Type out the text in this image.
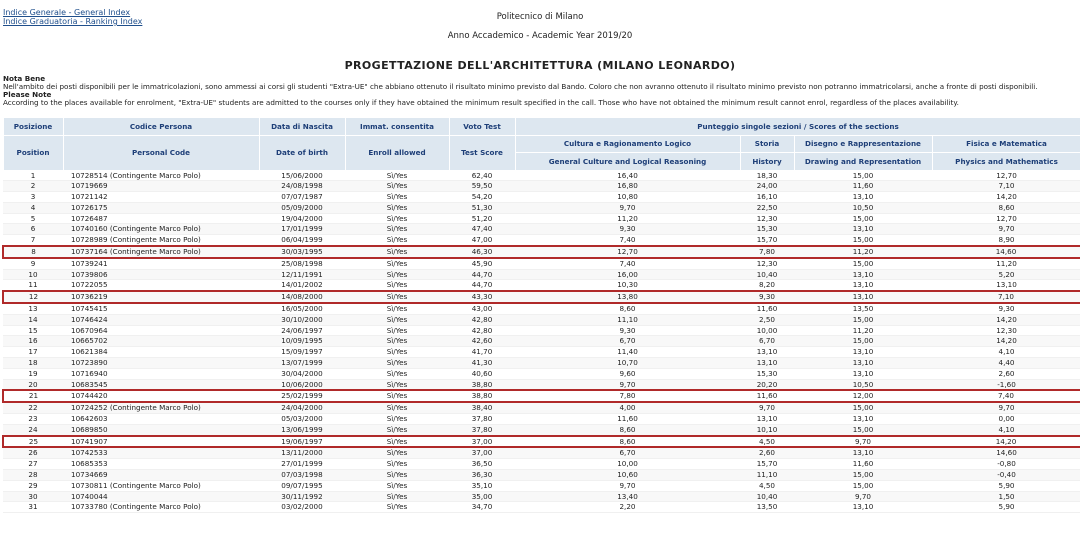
Indice Generale - General Index
Indice Graduatoria - Ranking Index	Politecnico di Milano
Anno Accademico - Academic Year 2019/20
PROGETTAZIONE DELL'ARCHITETTURA (MILANO LEONARDO)
Nota Bene
Nell'ambito dei posti disponibili per le immatricolazioni, sono ammessi ai corsi gli studenti "Extra-UE" che abbiano ottenuto il risultato minimo previsto dal Bando. Coloro che non avranno ottenuto il risultato minimo previsto non potranno immatricolarsi, anche a fronte di posti disponibili.
Please Note
According to the places available for enrolment, "Extra-UE" students are admitted to the courses only if they have obtained the minimum result specified in the call. Those who have not obtained the minimum result cannot enrol, regardless of the places availability.
Posizione	Codice Persona	Data di Nascita	Immat. consentita	Voto Test	Punteggio singole sezioni / Scores of the sections			
Position	Personal Code	Date of birth	Enroll allowed	Test Score	Cultura e Ragionamento Logico	Storia	Disegno e Rappresentazione	Fisica e Matematica
					General Culture and Logical Reasoning	History	Drawing and Representation	Physics and Mathematics
1	10728514 (Contingente Marco Polo)	15/06/2000	Sì/Yes	62,40	16,40	18,30	15,00	12,70
2	10719669	24/08/1998	Sì/Yes	59,50	16,80	24,00	11,60	7,10
3	10721142	07/07/1987	Sì/Yes	54,20	10,80	16,10	13,10	14,20
4	10726175	05/09/2000	Sì/Yes	51,30	9,70	22,50	10,50	8,60
5	10726487	19/04/2000	Sì/Yes	51,20	11,20	12,30	15,00	12,70
6	10740160 (Contingente Marco Polo)	17/01/1999	Sì/Yes	47,40	9,30	15,30	13,10	9,70
7	10728989 (Contingente Marco Polo)	06/04/1999	Sì/Yes	47,00	7,40	15,70	15,00	8,90
8	10737164 (Contingente Marco Polo)	30/03/1995	Sì/Yes	46,30	12,70	7,80	11,20	14,60
9	10739241	25/08/1998	Sì/Yes	45,90	7,40	12,30	15,00	11,20
10	10739806	12/11/1991	Sì/Yes	44,70	16,00	10,40	13,10	5,20
11	10722055	14/01/2002	Sì/Yes	44,70	10,30	8,20	13,10	13,10
12	10736219	14/08/2000	Sì/Yes	43,30	13,80	9,30	13,10	7,10
13	10745415	16/05/2000	Sì/Yes	43,00	8,60	11,60	13,50	9,30
14	10746424	30/10/2000	Sì/Yes	42,80	11,10	2,50	15,00	14,20
15	10670964	24/06/1997	Sì/Yes	42,80	9,30	10,00	11,20	12,30
16	10665702	10/09/1995	Sì/Yes	42,60	6,70	6,70	15,00	14,20
17	10621384	15/09/1997	Sì/Yes	41,70	11,40	13,10	13,10	4,10
18	10723890	13/07/1999	Sì/Yes	41,30	10,70	13,10	13,10	4,40
19	10716940	30/04/2000	Sì/Yes	40,60	9,60	15,30	13,10	2,60
20	10683545	10/06/2000	Sì/Yes	38,80	9,70	20,20	10,50	-1,60
21	10744420	25/02/1999	Sì/Yes	38,80	7,80	11,60	12,00	7,40
22	10724252 (Contingente Marco Polo)	24/04/2000	Sì/Yes	38,40	4,00	9,70	15,00	9,70
23	10642603	05/03/2000	Sì/Yes	37,80	11,60	13,10	13,10	0,00
24	10689850	13/06/1999	Sì/Yes	37,80	8,60	10,10	15,00	4,10
25	10741907	19/06/1997	Sì/Yes	37,00	8,60	4,50	9,70	14,20
26	10742533	13/11/2000	Sì/Yes	37,00	6,70	2,60	13,10	14,60
27	10685353	27/01/1999	Sì/Yes	36,50	10,00	15,70	11,60	-0,80
28	10734669	07/03/1998	Sì/Yes	36,30	10,60	11,10	15,00	-0,40
29	10730811 (Contingente Marco Polo)	09/07/1995	Sì/Yes	35,10	9,70	4,50	15,00	5,90
30	10740044	30/11/1992	Sì/Yes	35,00	13,40	10,40	9,70	1,50
31	10733780 (Contingente Marco Polo)	03/02/2000	Sì/Yes	34,70	2,20	13,50	13,10	5,90
